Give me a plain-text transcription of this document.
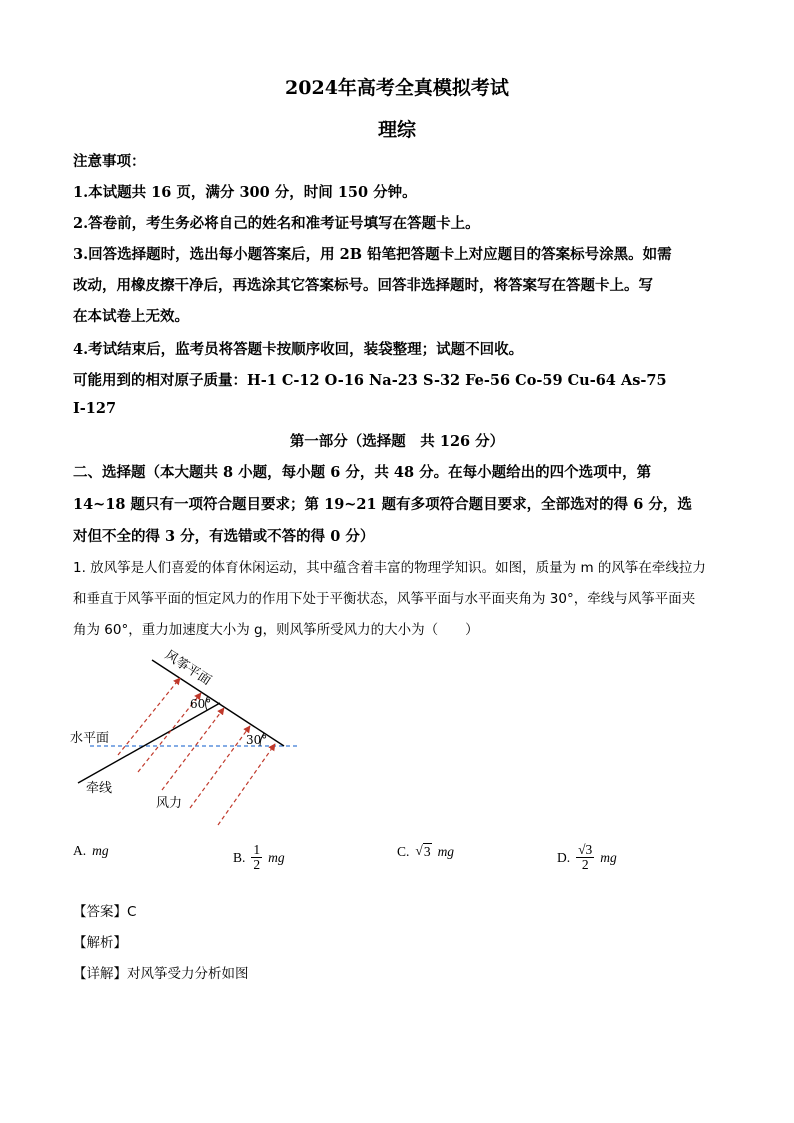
2024年高考全真模拟考试
理综
注意事项：
1.本试题共 16 页，满分 300 分，时间 150 分钟。
2.答卷前，考生务必将自己的姓名和准考证号填写在答题卡上。
3.回答选择题时，选出每小题答案后，用 2B 铅笔把答题卡上对应题目的答案标号涂黑。如需
改动，用橡皮擦干净后，再选涂其它答案标号。回答非选择题时，将答案写在答题卡上。写
在本试卷上无效。
4.考试结束后，监考员将答题卡按顺序收回，装袋整理；试题不回收。
可能用到的相对原子质量：H-1 C-12 O-16 Na-23 S-32 Fe-56 Co-59 Cu-64 As-75
I-127
第一部分（选择题　共 126 分）
二、选择题（本大题共 8 小题，每小题 6 分，共 48 分。在每小题给出的四个选项中，第
14~18 题只有一项符合题目要求；第 19~21 题有多项符合题目要求，全部选对的得 6 分，选
对但不全的得 3 分，有选错或不答的得 0 分）
1. 放风筝是人们喜爱的体育休闲运动，其中蕴含着丰富的物理学知识。如图，质量为 m 的风筝在牵线拉力
和垂直于风筝平面的恒定风力的作用下处于平衡状态，风筝平面与水平面夹角为 30°，牵线与风筝平面夹
角为 60°，重力加速度大小为 g，则风筝所受风力的大小为（　　）
风筝平面
水平面
牵线
风力
60°
30°
A. mg	B. $\frac{1}{2}$ mg	C. √ 3 mg	D. $\frac{√3}{2}$ mg
【答案】C
【解析】
【详解】对风筝受力分析如图
